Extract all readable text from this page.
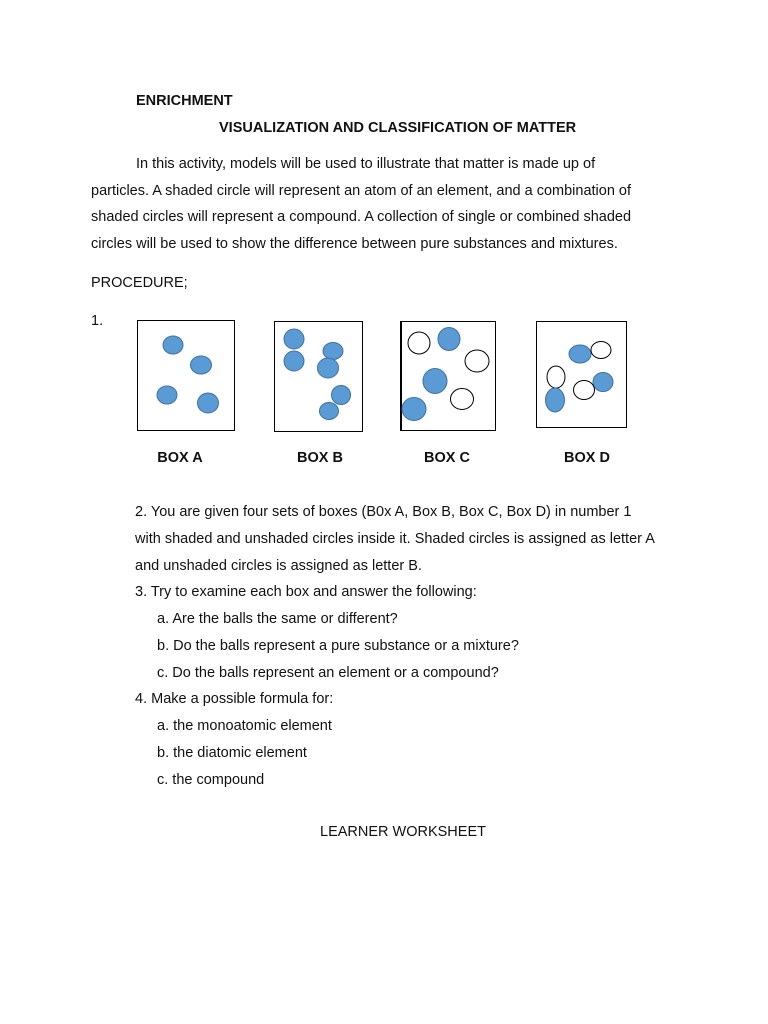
ENRICHMENT
VISUALIZATION AND CLASSIFICATION OF MATTER

In this activity, models will be used to illustrate that matter is made up of

particles. A shaded circle will represent an atom of an element, and a combination of

shaded circles will represent a compound. A collection of single or combined shaded

circles will be used to show the difference between pure substances and mixtures.

PROCEDURE;
1.
BOX A	BOX B	BOX C	BOX D
2. You are given four sets of boxes (B0x A, Box B, Box C, Box D) in number 1
with shaded and unshaded circles inside it. Shaded circles is assigned as letter A
and unshaded circles is assigned as letter B.
3. Try to examine each box and answer the following:
a. Are the balls the same or different?
b. Do the balls represent a pure substance or a mixture?
c. Do the balls represent an element or a compound?
4. Make a possible formula for:
a. the monoatomic element
b. the diatomic element
c. the compound
LEARNER WORKSHEET
